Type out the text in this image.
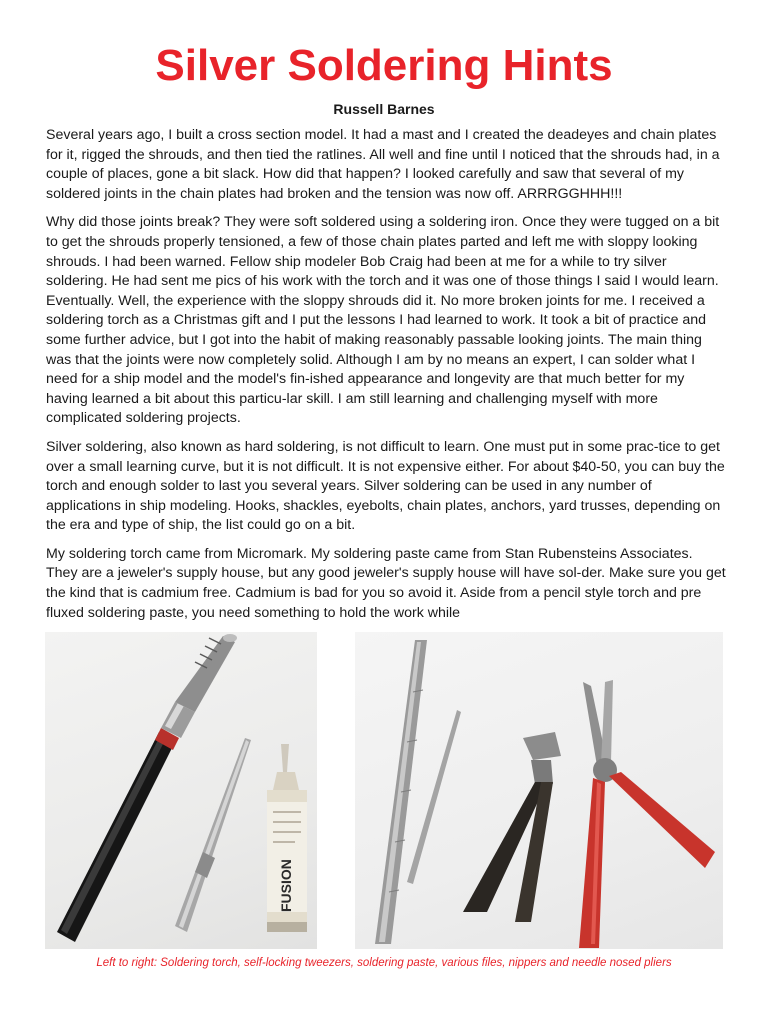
Silver Soldering Hints
Russell Barnes

Several years ago, I built a cross section model. It had a mast and I created the deadeyes and chain plates for it, rigged the shrouds, and then tied the ratlines. All well and fine until I noticed that the shrouds had, in a couple of places, gone a bit slack. How did that happen? I looked carefully and saw that several of my soldered joints in the chain plates had broken and the tension was now off. ARRRGGHHH!!!

Why did those joints break? They were soft soldered using a soldering iron. Once they were tugged on a bit to get the shrouds properly tensioned, a few of those chain plates parted and left me with sloppy looking shrouds. I had been warned. Fellow ship modeler Bob Craig had been at me for a while to try silver soldering. He had sent me pics of his work with the torch and it was one of those things I said I would learn. Eventually. Well, the experience with the sloppy shrouds did it. No more broken joints for me. I received a soldering torch as a Christmas gift and I put the lessons I had learned to work. It took a bit of practice and some further advice, but I got into the habit of making reasonably passable looking joints. The main thing was that the joints were now completely solid. Although I am by no means an expert, I can solder what I need for a ship model and the model's fin-ished appearance and longevity are that much better for my having learned a bit about this particu-lar skill. I am still learning and challenging myself with more complicated soldering projects.

Silver soldering, also known as hard soldering, is not difficult to learn. One must put in some prac-tice to get over a small learning curve, but it is not difficult. It is not expensive either. For about $40-50, you can buy the torch and enough solder to last you several years. Silver soldering can be used in any number of applications in ship modeling. Hooks, shackles, eyebolts, chain plates, anchors, yard trusses, depending on the era and type of ship, the list could go on a bit.

My soldering torch came from Micromark. My soldering paste came from Stan Rubensteins Associates. They are a jeweler's supply house, but any good jeweler's supply house will have sol-der. Make sure you get the kind that is cadmium free. Cadmium is bad for you so avoid it. Aside from a pencil style torch and pre fluxed soldering paste, you need something to hold the work while

FUSION
Left to right: Soldering torch, self-locking tweezers, soldering paste, various files, nippers and needle nosed pliers
